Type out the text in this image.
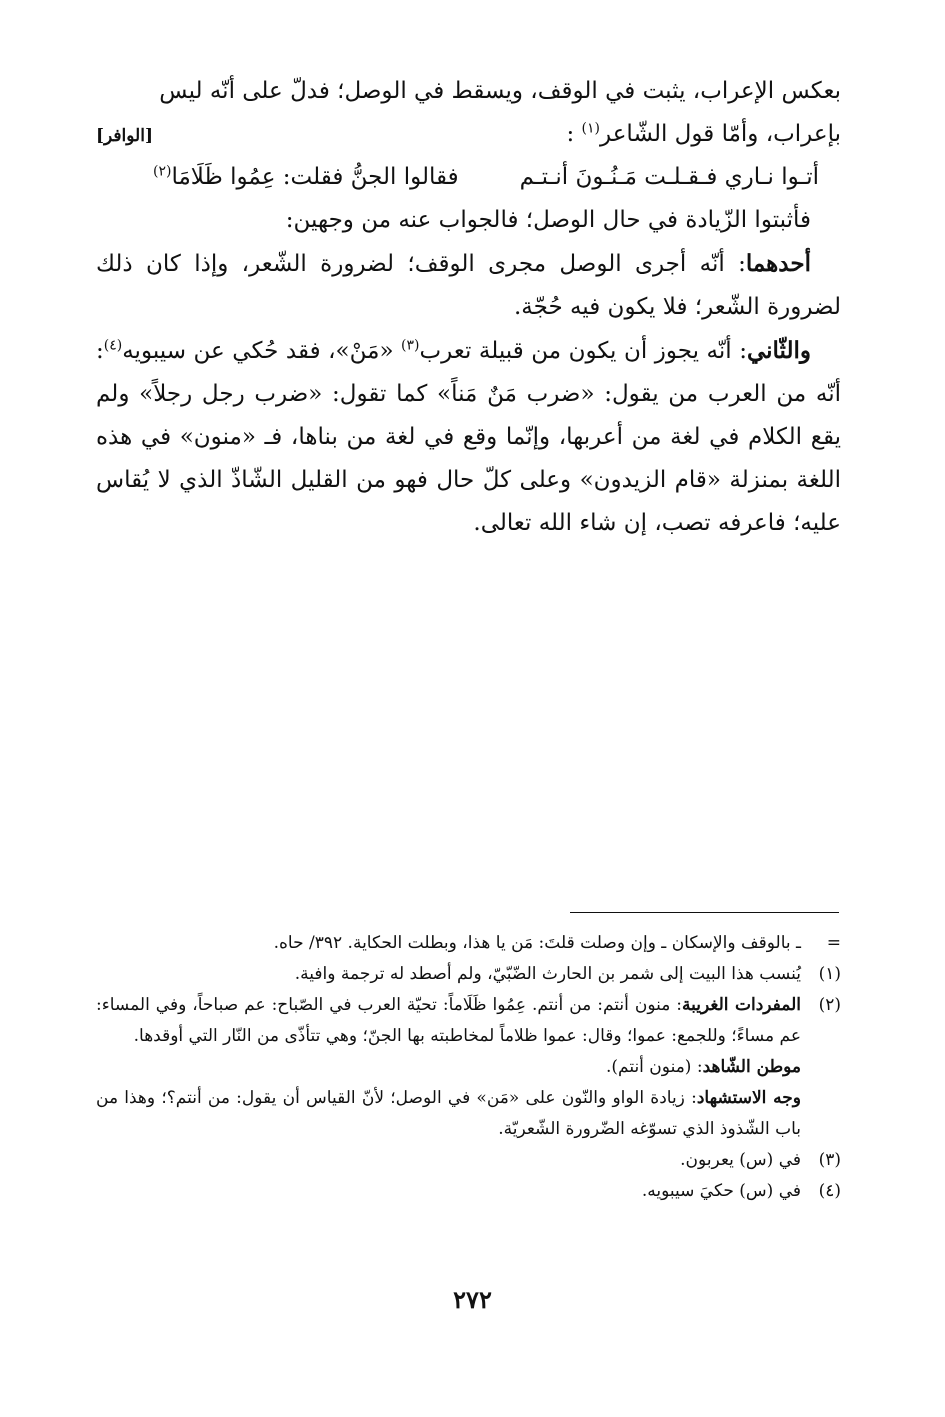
بعكس الإعراب، يثبت في الوقف، ويسقط في الوصل؛ فدلّ على أنّه ليس

بإعراب، وأمّا قول الشّاعر$^{(١)}$ :
[الوافر]

أتـوا نـاري فـقـلـت مَـنُـونَ أنـتـم
فقالوا الجنُّ فقلت: عِمُوا ظَلَامَا$^{(٢)}$

فأثبتوا الزّيادة في حال الوصل؛ فالجواب عنه من وجهين:

أحدهما: أنّه أجرى الوصل مجرى الوقف؛ لضرورة الشّعر، وإذا كان ذلك لضرورة الشّعر؛ فلا يكون فيه حُجّة.

والثّاني: أنّه يجوز أن يكون من قبيلة تعرب$^{(٣)}$ «مَنْ»، فقد حُكي عن سيبويه$^{(٤)}$: أنّه من العرب من يقول: «ضرب مَنٌ مَناً» كما تقول: «ضرب رجل رجلاً» ولم يقع الكلام في لغة من أعربها، وإنّما وقع في لغة من بناها، فـ «منون» في هذه اللغة بمنزلة «قام الزيدون» وعلى كلّ حال فهو من القليل الشّاذّ الذي لا يُقاس عليه؛ فاعرفه تصب، إن شاء الله تعالى.

=

ـ بالوقف والإسكان ـ وإن وصلت قلتَ: مَن يا هذا، وبطلت الحكاية. ٣٩٢/ حاه.

(١)

يُنسب هذا البيت إلى شمر بن الحارث الضّبّيّ، ولم أصطد له ترجمة وافية.

(٢)

المفردات الغريبة: منون أنتم: من أنتم. عِمُوا ظَلَاماً: تحيّة العرب في الصّباح: عم صباحاً، وفي المساء: عم مساءً؛ وللجمع: عموا؛ وقال: عموا ظلاماً لمخاطبته بها الجنّ؛ وهي تتأذّى من النّار التي أوقدها.

موطن الشّاهد: (منون أنتم).

وجه الاستشهاد: زيادة الواو والنّون على «مَن» في الوصل؛ لأنّ القياس أن يقول: من أنتم؟؛ وهذا من باب الشّذوذ الذي تسوّغه الضّرورة الشّعريّة.

(٣)

في (س) يعربون.

(٤)

في (س) حكيَ سيبويه.

٢٧٢
